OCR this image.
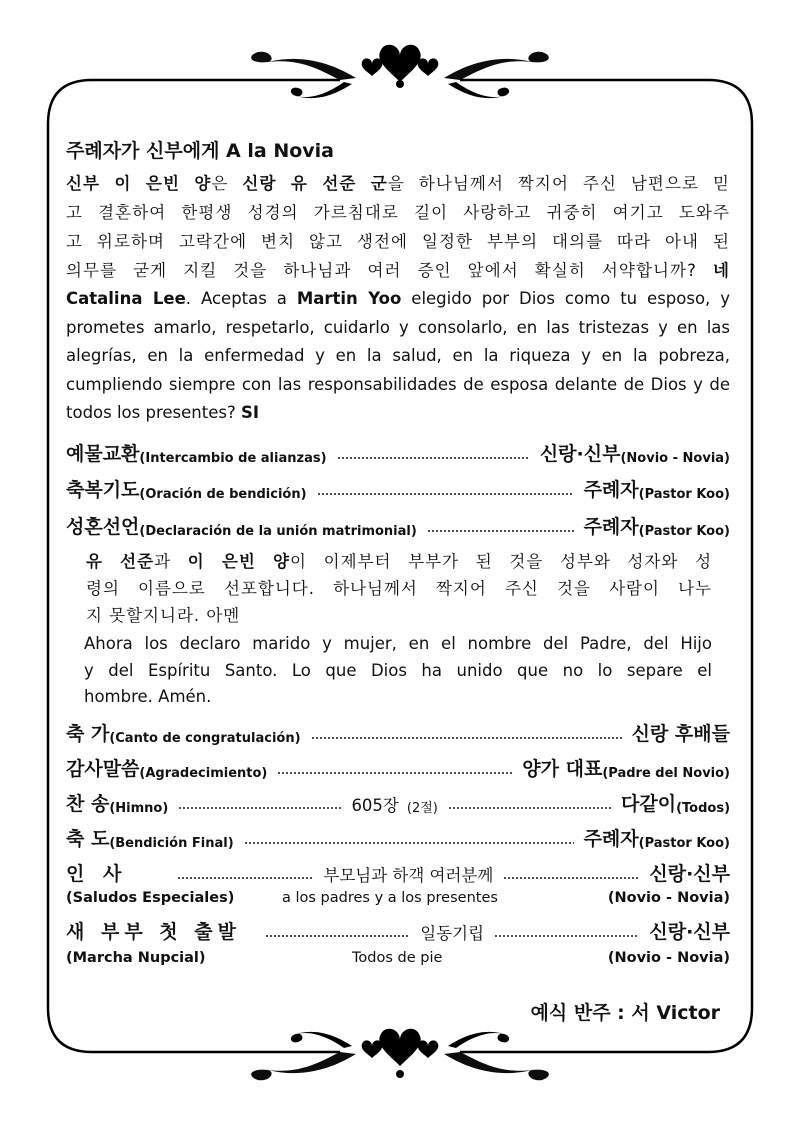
주례자가 신부에게 A la Novia
신부 이 은빈 양은 신랑 유 선준 군을 하나님께서 짝지어 주신 남편으로 믿
고 결혼하여 한평생 성경의 가르침대로 길이 사랑하고 귀중히 여기고 도와주
고 위로하며 고락간에 변치 않고 생전에 일정한 부부의 대의를 따라 아내 된
의무를 굳게 지킬 것을 하나님과 여러 증인 앞에서 확실히 서약합니까? 네
Catalina Lee. Aceptas a Martin Yoo elegido por Dios como tu esposo, y
prometes amarlo, respetarlo, cuidarlo y consolarlo, en las tristezas y en las
alegrías, en la enfermedad y en la salud, en la riqueza y en la pobreza,
cumpliendo siempre con las responsabilidades de esposa delante de Dios y de
todos los presentes? SI
예물교환 (Intercambio de alianzas)	신랑·신부 (Novio - Novia)
축복기도 (Oración de bendición)	주례자 (Pastor Koo)
성혼선언 (Declaración de la unión matrimonial)	주례자 (Pastor Koo)
유 선준과 이 은빈 양이 이제부터 부부가 된 것을 성부와 성자와 성
령의 이름으로 선포합니다. 하나님께서 짝지어 주신 것을 사람이 나누
지 못할지니라. 아멘
Ahora los declaro marido y mujer, en el nombre del Padre, del Hijo
y del Espíritu Santo. Lo que Dios ha unido que no lo separe el
hombre. Amén.
축 가 (Canto de congratulación)	신랑 후배들
감사말씀 (Agradecimiento)	양가 대표 (Padre del Novio)
찬 송 (Himno)	605장 (2절)	다같이 (Todos)
축 도 (Bendición Final)	주례자 (Pastor Koo)
인 사	부모님과 하객 여러분께	신랑·신부
(Saludos Especiales)	a los padres y a los presentes	(Novio - Novia)
새 부부 첫 출발	일동기립	신랑·신부
(Marcha Nupcial)	Todos de pie	(Novio - Novia)
예식 반주 : 서 Victor
